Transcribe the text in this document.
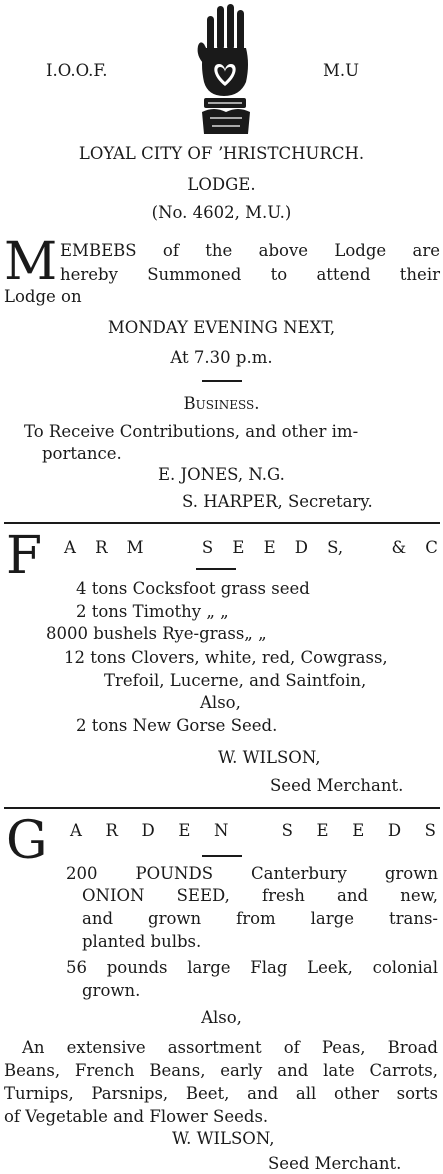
I.O.O.F.	M.U
LOYAL CITY OF ʼHRISTCHURCH.
LODGE.
(No. 4602, M.U.)
M EMBEBS of the above Lodge are
hereby Summoned to attend their
Lodge on
MONDAY EVENING NEXT,
At 7.30 p.m.
Business.
To Receive Contributions, and other im-
portance.
E. JONES, N.G.
S. HARPER, Secretary.
F A R M	S E E D S,	& C
4 tons Cocksfoot grass seed
2 tons Timothy „ „
8000 bushels Rye-grass„ „
12 tons Clovers, white, red, Cowgrass,
Trefoil, Lucerne, and Saintfoin,
Also,
2 tons New Gorse Seed.
W. WILSON,
Seed Merchant.
G A R D E N	S E E D S
200 POUNDS Canterbury grown
ONION SEED, fresh and new,
and grown from large trans-
planted bulbs.
56 pounds large Flag Leek, colonial
grown.
Also,
An extensive assortment of Peas, Broad
Beans, French Beans, early and late Carrots,
Turnips, Parsnips, Beet, and all other sorts
of Vegetable and Flower Seeds.
W. WILSON,
Seed Merchant.
